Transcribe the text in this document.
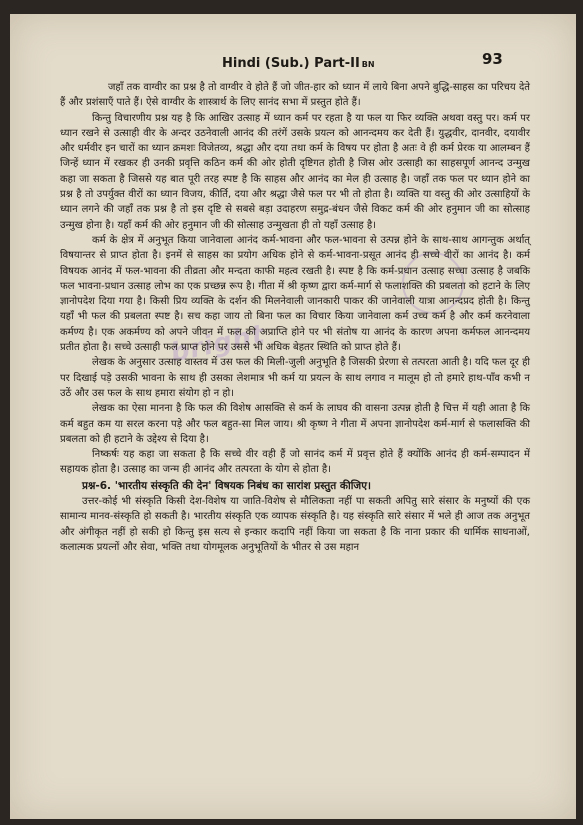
bright
Hindi (Sub.) Part-II BN	93

जहाँ तक वाग्वीर का प्रश्न है तो वाग्वीर वे होते हैं जो जीत-हार को ध्यान में लाये बिना अपने बुद्धि-साहस का परिचय देते हैं और प्रशंसाएँ पाते हैं। ऐसे वाग्वीर के शास्त्रार्थ के लिए सानंद सभा में प्रस्तुत होते हैं।

किन्तु विचारणीय प्रश्न यह है कि आखिर उत्साह में ध्यान कर्म पर रहता है या फल या फिर व्यक्ति अथवा वस्तु पर। कर्म पर ध्यान रखने से उत्साही वीर के अन्दर उठनेवाली आनंद की तरंगें उसके प्रयत्न को आनन्दमय कर देती हैं। युद्धवीर, दानवीर, दयावीर और धर्मवीर इन चारों का ध्यान क्रमशः विजेतव्य, श्रद्धा और दया तथा कर्म के विषय पर होता है अतः वे ही कर्म प्रेरक या आलम्बन हैं जिन्हें ध्यान में रखकर ही उनकी प्रवृत्ति कठिन कर्म की ओर होती दृष्टिगत होती है जिस ओर उत्साही का साहसपूर्ण आनन्द उन्मुख कहा जा सकता है जिससे यह बात पूरी तरह स्पष्ट है कि साहस और आनंद का मेल ही उत्साह है। जहाँ तक फल पर ध्यान होने का प्रश्न है तो उपर्युक्त वीरों का ध्यान विजय, कीर्ति, दया और श्रद्धा जैसे फल पर भी तो होता है। व्यक्ति या वस्तु की ओर उत्साहियों के ध्यान लगने की जहाँ तक प्रश्न है तो इस दृष्टि से सबसे बड़ा उदाहरण समुद्र-बंधन जैसे विकट कर्म की ओर हनुमान जी का सोत्साह उन्मुख होना है। यहाँ कर्म की ओर हनुमान जी की सोत्साह उन्मुखता ही तो यहाँ उत्साह है।

कर्म के क्षेत्र में अनुभूत किया जानेवाला आनंद कर्म-भावना और फल-भावना से उत्पन्न होने के साथ-साथ आगन्तुक अर्थात् विषयान्तर से प्राप्त होता है। इनमें से साहस का प्रयोग अधिक होने से कर्म-भावना-प्रसूत आनंद ही सच्चे वीरों का आनंद है। कर्म विषयक आनंद में फल-भावना की तीव्रता और मन्दता काफी महत्व रखती है। स्पष्ट है कि कर्म-प्रधान उत्साह सच्चा उत्साह है जबकि फल भावना-प्रधान उत्साह लोभ का एक प्रच्छन्न रूप है। गीता में श्री कृष्ण द्वारा कर्म-मार्ग से फलाशक्ति की प्रबलता को हटाने के लिए ज्ञानोपदेश दिया गया है। किसी प्रिय व्यक्ति के दर्शन की मिलनेवाली जानकारी पाकर की जानेवाली यात्रा आनन्दप्रद होती है। किन्तु यहाँ भी फल की प्रबलता स्पष्ट है। सच कहा जाय तो बिना फल का विचार किया जानेवाला कर्म उच्च कर्म है और कर्म करनेवाला कर्मण्य है। एक अकर्मण्य को अपने जीवन में फल की अप्राप्ति होने पर भी संतोष या आनंद के कारण अपना कर्मफल आनन्दमय प्रतीत होता है। सच्चे उत्साही फल प्राप्त होने पर उससे भी अधिक बेहतर स्थिति को प्राप्त होते हैं।

लेखक के अनुसार उत्साह वास्तव में उस फल की मिली-जुली अनुभूति है जिसकी प्रेरणा से तत्परता आती है। यदि फल दूर ही पर दिखाई पड़े उसकी भावना के साथ ही उसका लेशमात्र भी कर्म या प्रयत्न के साथ लगाव न मालूम हो तो हमारे हाथ-पाँव कभी न उठें और उस फल के साथ हमारा संयोग हो न हो।

लेखक का ऐसा मानना है कि फल की विशेष आसक्ति से कर्म के लाघव की वासना उत्पन्न होती है चित्त में यही आता है कि कर्म बहुत कम या सरल करना पड़े और फल बहुत-सा मिल जाय। श्री कृष्ण ने गीता में अपना ज्ञानोपदेश कर्म-मार्ग से फलासक्ति की प्रबलता को ही हटाने के उद्देश्य से दिया है।

निष्कर्षः यह कहा जा सकता है कि सच्चे वीर वही हैं जो सानंद कर्म में प्रवृत्त होते हैं क्योंकि आनंद ही कर्म-सम्पादन में सहायक होता है। उत्साह का जन्म ही आनंद और तत्परता के योग से होता है।

प्रश्न-6. 'भारतीय संस्कृति की देन' विषयक निबंध का सारांश प्रस्तुत कीजिए।

उत्तर-कोई भी संस्कृति किसी देश-विशेष या जाति-विशेष से मौलिकता नहीं पा सकती अपितु सारे संसार के मनुष्यों की एक सामान्य मानव-संस्कृति हो सकती है। भारतीय संस्कृति एक व्यापक संस्कृति है। यह संस्कृति सारे संसार में भले ही आज तक अनुभूत और अंगीकृत नहीं हो सकी हो किन्तु इस सत्य से इन्कार कदापि नहीं किया जा सकता है कि नाना प्रकार की धार्मिक साधनाओं, कलात्मक प्रयत्नों और सेवा, भक्ति तथा योगमूलक अनुभूतियों के भीतर से उस महान
